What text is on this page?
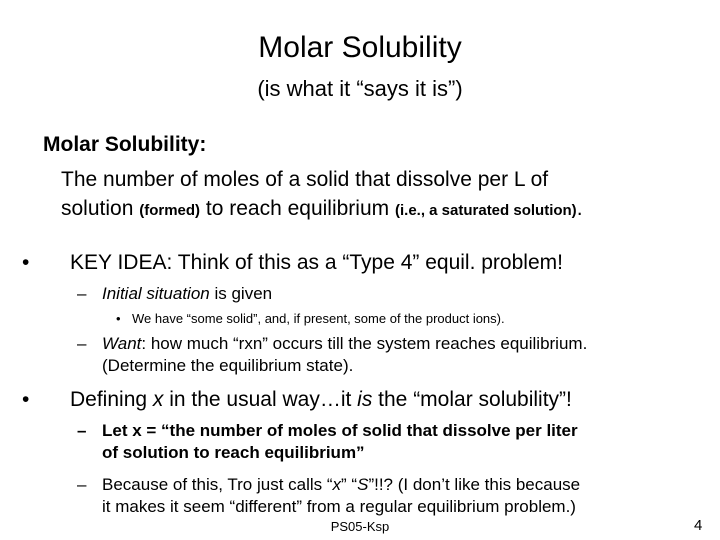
Molar Solubility
(is what it “says it is”)
Molar Solubility:
The number of moles of a solid that dissolve per L of
solution (formed) to reach equilibrium (i.e., a saturated solution).
• KEY IDEA: Think of this as a “Type 4” equil. problem!
– Initial situation is given
• We have “some solid”, and, if present, some of the product ions).
– Want: how much “rxn” occurs till the system reaches equilibrium.
(Determine the equilibrium state).
• Defining x in the usual way…it is the “molar solubility”!
– Let x = “the number of moles of solid that dissolve per liter
of solution to reach equilibrium”
– Because of this, Tro just calls “x” “S”!!? (I don’t like this because
it makes it seem “different” from a regular equilibrium problem.)
PS05-Ksp	4
